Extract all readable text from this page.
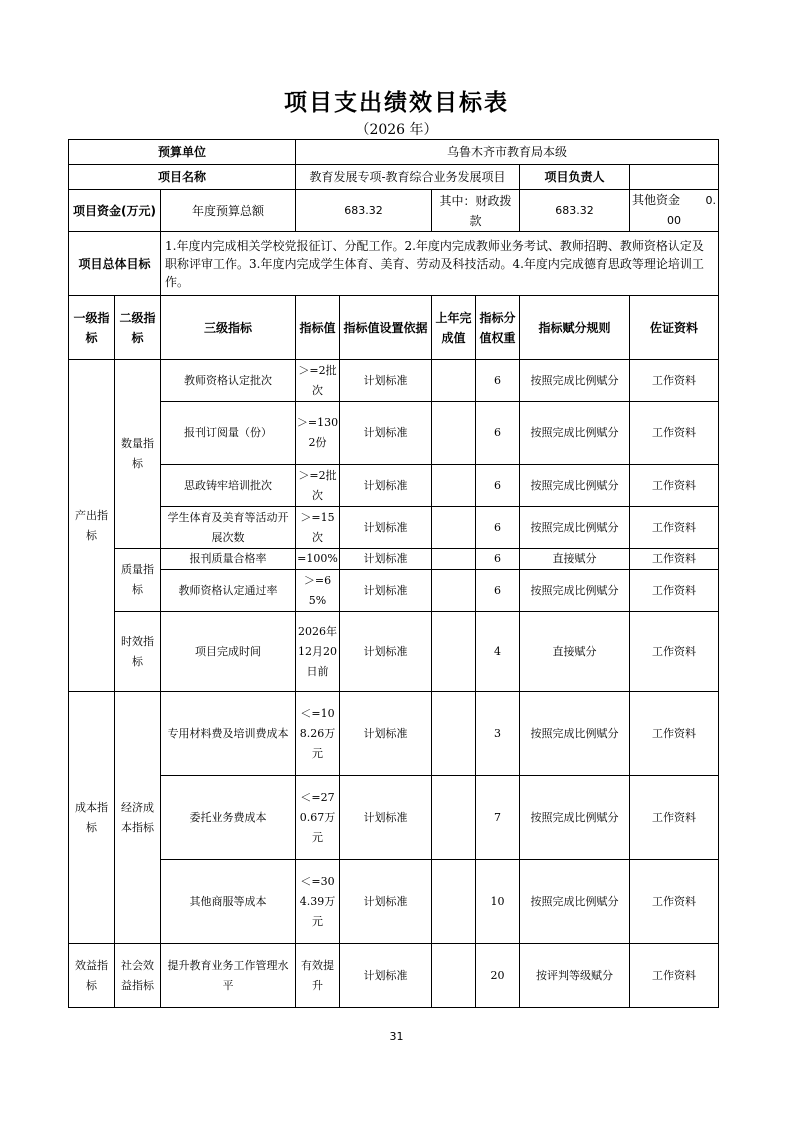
项目支出绩效目标表
（2026 年）
预算单位			乌鲁木齐市教育局本级					
项目名称			教育发展专项-教育综合业务发展项目				项目负责人	
项目资金(万元)		年度预算总额	683.32		其中：财政拨款		683.32	其他资金 0.00
项目总体目标		1.年度内完成相关学校党报征订、分配工作。2.年度内完成教师业务考试、教师招聘、教师资格认定及职称评审工作。3.年度内完成学生体育、美育、劳动及科技活动。4.年度内完成德育思政等理论培训工作。						
一级指标	二级指标	三级指标	指标值	指标值设置依据	上年完成值	指标分值权重	指标赋分规则	佐证资料
产出指标	数量指标	教师资格认定批次	＞=2批次	计划标准		6	按照完成比例赋分	工作资料
		报刊订阅量（份）	＞=1302份	计划标准		6	按照完成比例赋分	工作资料
		思政铸牢培训批次	＞=2批次	计划标准		6	按照完成比例赋分	工作资料
		学生体育及美育等活动开展次数	＞=15次	计划标准		6	按照完成比例赋分	工作资料
	质量指标	报刊质量合格率	=100%	计划标准		6	直接赋分	工作资料
		教师资格认定通过率	＞=65%	计划标准		6	按照完成比例赋分	工作资料
	时效指标	项目完成时间	2026年12月20日前	计划标准		4	直接赋分	工作资料
成本指标	经济成本指标	专用材料费及培训费成本	＜=108.26万元	计划标准		3	按照完成比例赋分	工作资料
		委托业务费成本	＜=270.67万元	计划标准		7	按照完成比例赋分	工作资料
		其他商服等成本	＜=304.39万元	计划标准		10	按照完成比例赋分	工作资料
效益指标	社会效益指标	提升教育业务工作管理水平	有效提升	计划标准		20	按评判等级赋分	工作资料
31
